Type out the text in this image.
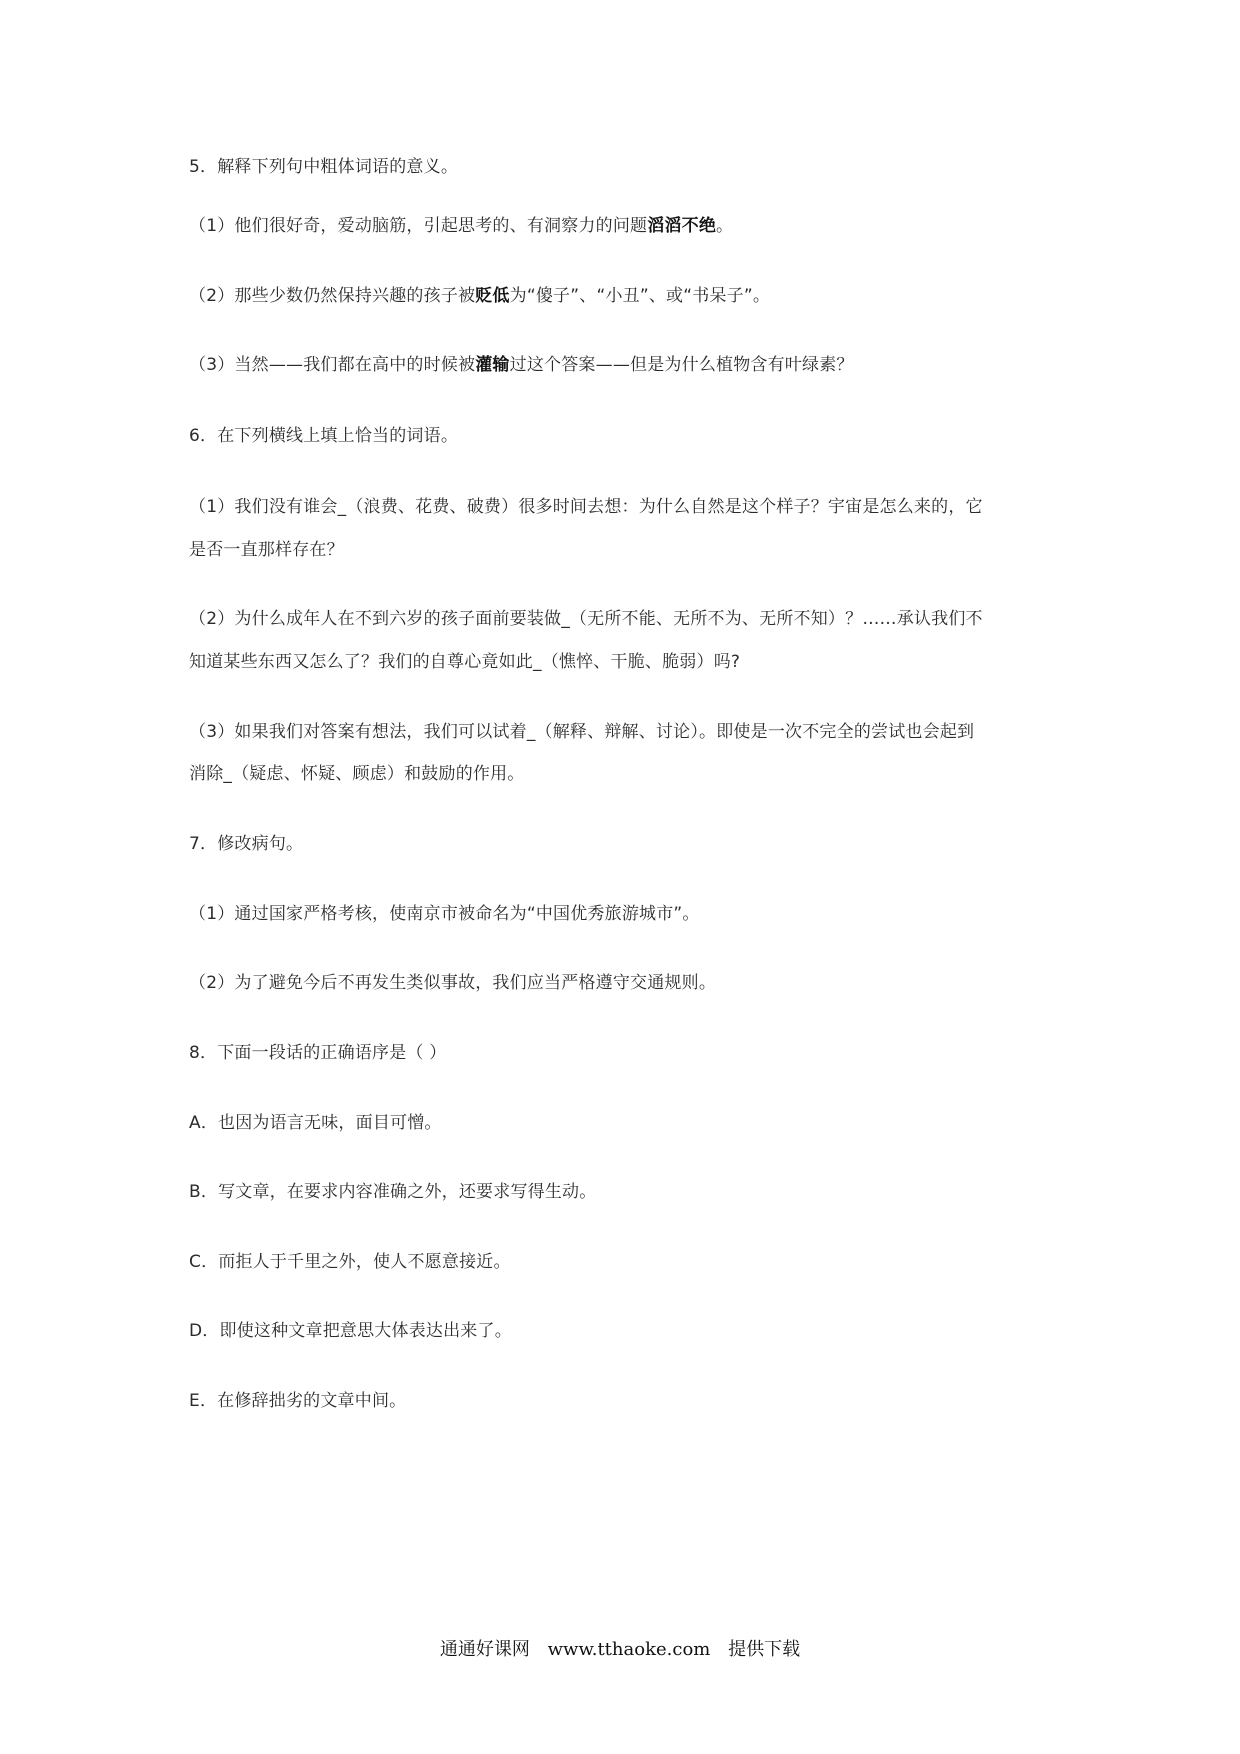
5．解释下列句中粗体词语的意义。
（1）他们很好奇，爱动脑筋，引起思考的、有洞察力的问题滔滔不绝。
（2）那些少数仍然保持兴趣的孩子被贬低为“傻子”、“小丑”、或“书呆子”。
（3）当然——我们都在高中的时候被灌输过这个答案——但是为什么植物含有叶绿素？
6．在下列横线上填上恰当的词语。
（1）我们没有谁会_（浪费、花费、破费）很多时间去想：为什么自然是这个样子？宇宙是怎么来的，它
是否一直那样存在？
（2）为什么成年人在不到六岁的孩子面前要装做_（无所不能、无所不为、无所不知）？……承认我们不
知道某些东西又怎么了？我们的自尊心竟如此_（憔悴、干脆、脆弱）吗?
（3）如果我们对答案有想法，我们可以试着_（解释、辩解、讨论）。即使是一次不完全的尝试也会起到
消除_（疑虑、怀疑、顾虑）和鼓励的作用。
7．修改病句。
（1）通过国家严格考核，使南京市被命名为“中国优秀旅游城市”。
（2）为了避免今后不再发生类似事故，我们应当严格遵守交通规则。
8．下面一段话的正确语序是（ ）
A．也因为语言无味，面目可憎。
B．写文章，在要求内容准确之外，还要求写得生动。
C．而拒人于千里之外，使人不愿意接近。
D．即使这种文章把意思大体表达出来了。
E．在修辞拙劣的文章中间。
通通好课网 www.tthaoke.com 提供下载
